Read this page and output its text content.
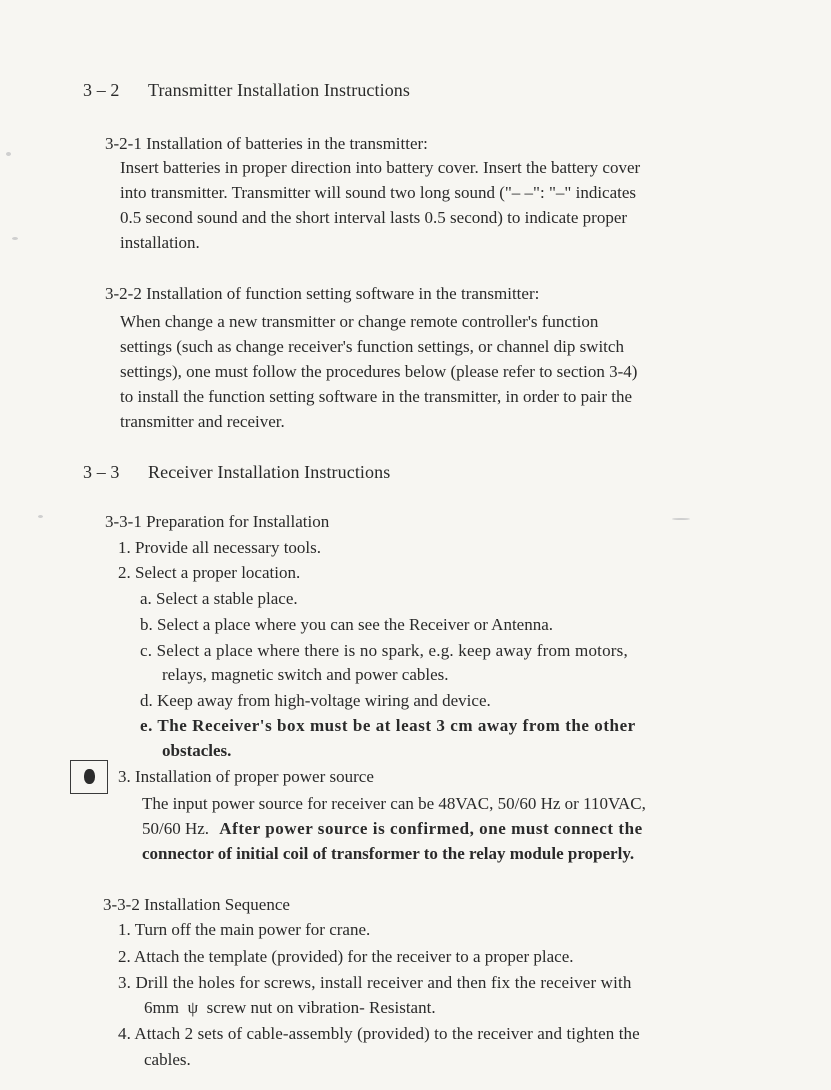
3 – 2 Transmitter Installation Instructions
3-2-1 Installation of batteries in the transmitter:
Insert batteries in proper direction into battery cover. Insert the battery cover
into transmitter. Transmitter will sound two long sound ("– –": "–" indicates
0.5 second sound and the short interval lasts 0.5 second) to indicate proper
installation.
3-2-2 Installation of function setting software in the transmitter:
When change a new transmitter or change remote controller's function
settings (such as change receiver's function settings, or channel dip switch
settings), one must follow the procedures below (please refer to section 3-4)
to install the function setting software in the transmitter, in order to pair the
transmitter and receiver.
3 – 3 Receiver Installation Instructions
3-3-1 Preparation for Installation
1. Provide all necessary tools.
2. Select a proper location.
a. Select a stable place.
b. Select a place where you can see the Receiver or Antenna.
c. Select a place where there is no spark, e.g. keep away from motors,
relays, magnetic switch and power cables.
d. Keep away from high-voltage wiring and device.
e. The Receiver's box must be at least 3 cm away from the other
obstacles.
3. Installation of proper power source
The input power source for receiver can be 48VAC, 50/60 Hz or 110VAC,
50/60 Hz. After power source is confirmed, one must connect the
connector of initial coil of transformer to the relay module properly.
3-3-2 Installation Sequence
1. Turn off the main power for crane.
2. Attach the template (provided) for the receiver to a proper place.
3. Drill the holes for screws, install receiver and then fix the receiver with
6mm  ψ  screw nut on vibration- Resistant.
4. Attach 2 sets of cable-assembly (provided) to the receiver and tighten the
cables.
